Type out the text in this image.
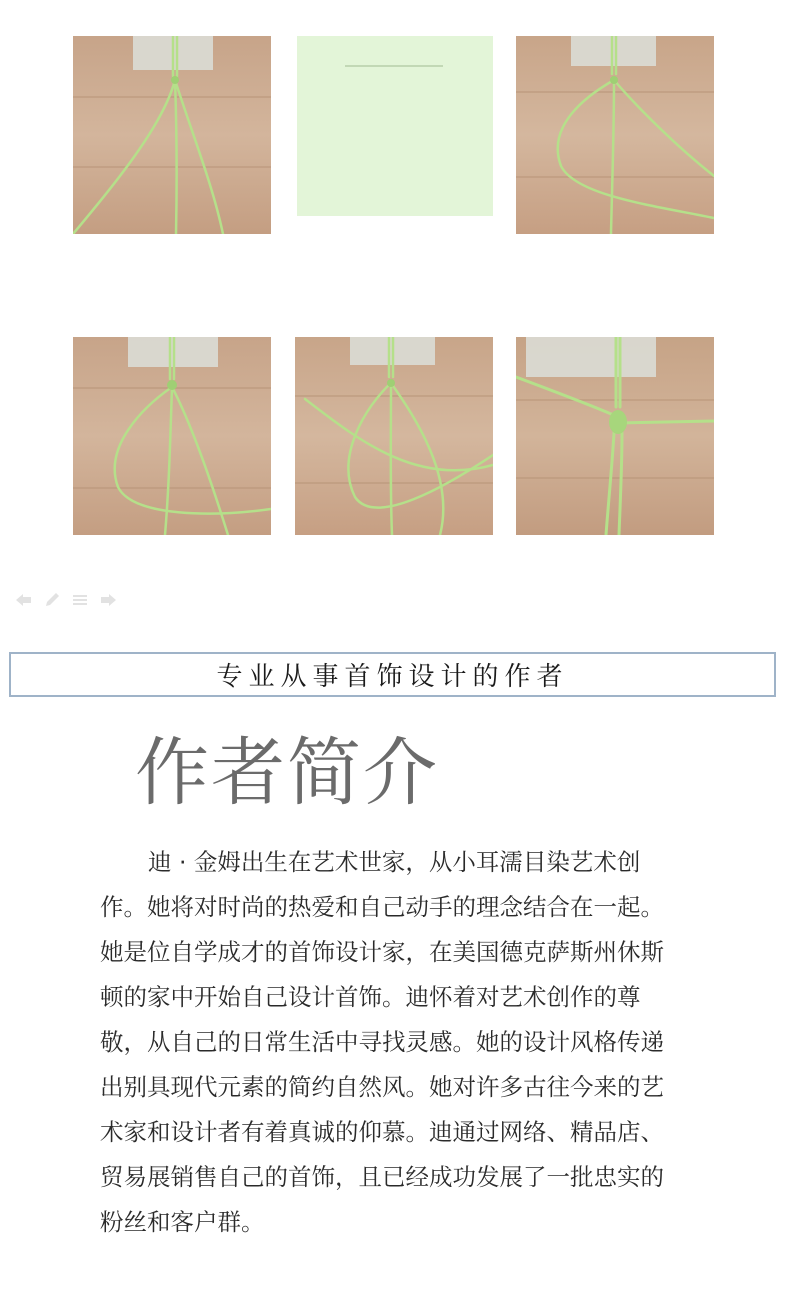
专业从事首饰设计的作者
作者简介

迪 · 金姆出生在艺术世家，从小耳濡目染艺术创
作。她将对时尚的热爱和自己动手的理念结合在一起。
她是位自学成才的首饰设计家，在美国德克萨斯州休斯
顿的家中开始自己设计首饰。迪怀着对艺术创作的尊
敬，从自己的日常生活中寻找灵感。她的设计风格传递
出别具现代元素的简约自然风。她对许多古往今来的艺
术家和设计者有着真诚的仰慕。迪通过网络、精品店、
贸易展销售自己的首饰，且已经成功发展了一批忠实的
粉丝和客户群。
